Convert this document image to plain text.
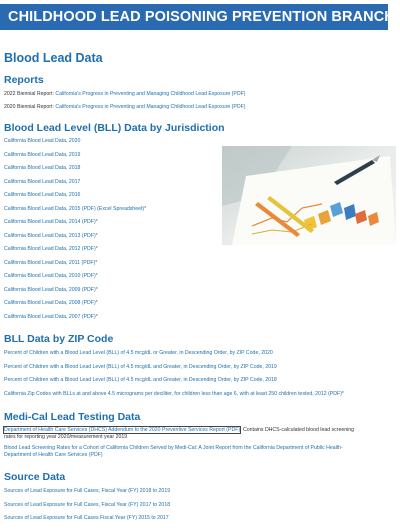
CHILDHOOD LEAD POISONING PREVENTION BRANCH
Blood Lead Data
Reports
2022 Biennial Report: California's Progress in Preventing and Managing Childhood Lead Exposure (PDF)
2020 Biennial Report: California's Progress in Preventing and Managing Childhood Lead Exposure (PDF)
Blood Lead Level (BLL) Data by Jurisdiction
California Blood Lead Data, 2020
California Blood Lead Data, 2019
California Blood Lead Data, 2018
California Blood Lead Data, 2017
California Blood Lead Data, 2016
California Blood Lead Data, 2015 (PDF) (Excel Spreadsheet)*
California Blood Lead Data, 2014 (PDF)*
California Blood Lead Data, 2013 (PDF)*
California Blood Lead Data, 2012 (PDF)*
California Blood Lead Data, 2011 (PDF)*
California Blood Lead Data, 2010 (PDF)*
California Blood Lead Data, 2009 (PDF)*
California Blood Lead Data, 2008 (PDF)*
California Blood Lead Data, 2007 (PDF)*
BLL Data by ZIP Code
Percent of Children with a Blood Lead Level (BLL) of 4.5 mcg/dL or Greater, in Descending Order, by ZIP Code, 2020
Percent of Children with a Blood Lead Level (BLL) of 4.5 mcg/dL and Greater, in Descending Order, by ZIP Code, 2019
Percent of Children with a Blood Lead Level (BLL) of 4.5 mcg/dL and Greater, in Descending Order, by ZIP Code, 2018
California Zip Codes with BLLs at and above 4.5 micrograms per deciliter, for children less than age 6, with at least 250 children tested, 2012 (PDF)*
Medi-Cal Lead Testing Data
Department of Health Care Services (DHCS) Addendum to the 2020 Preventive Services Report (PDF): Contains DHCS-calculated blood lead screening
rates for reporting year 2020/measurement year 2019
Blood Lead Screening Rates for a Cohort of California Children Served by Medi-Cal: A Joint Report from the California Department of Public Health-
Department of Health Care Services (PDF)
Source Data
Sources of Lead Exposure for Full Cases, Fiscal Year (FY) 2018 to 2019
Sources of Lead Exposure for Full Cases, Fiscal Year (FY) 2017 to 2018
Sources of Lead Exposure for Full Cases Fiscal Year (FY) 2015 to 2017
